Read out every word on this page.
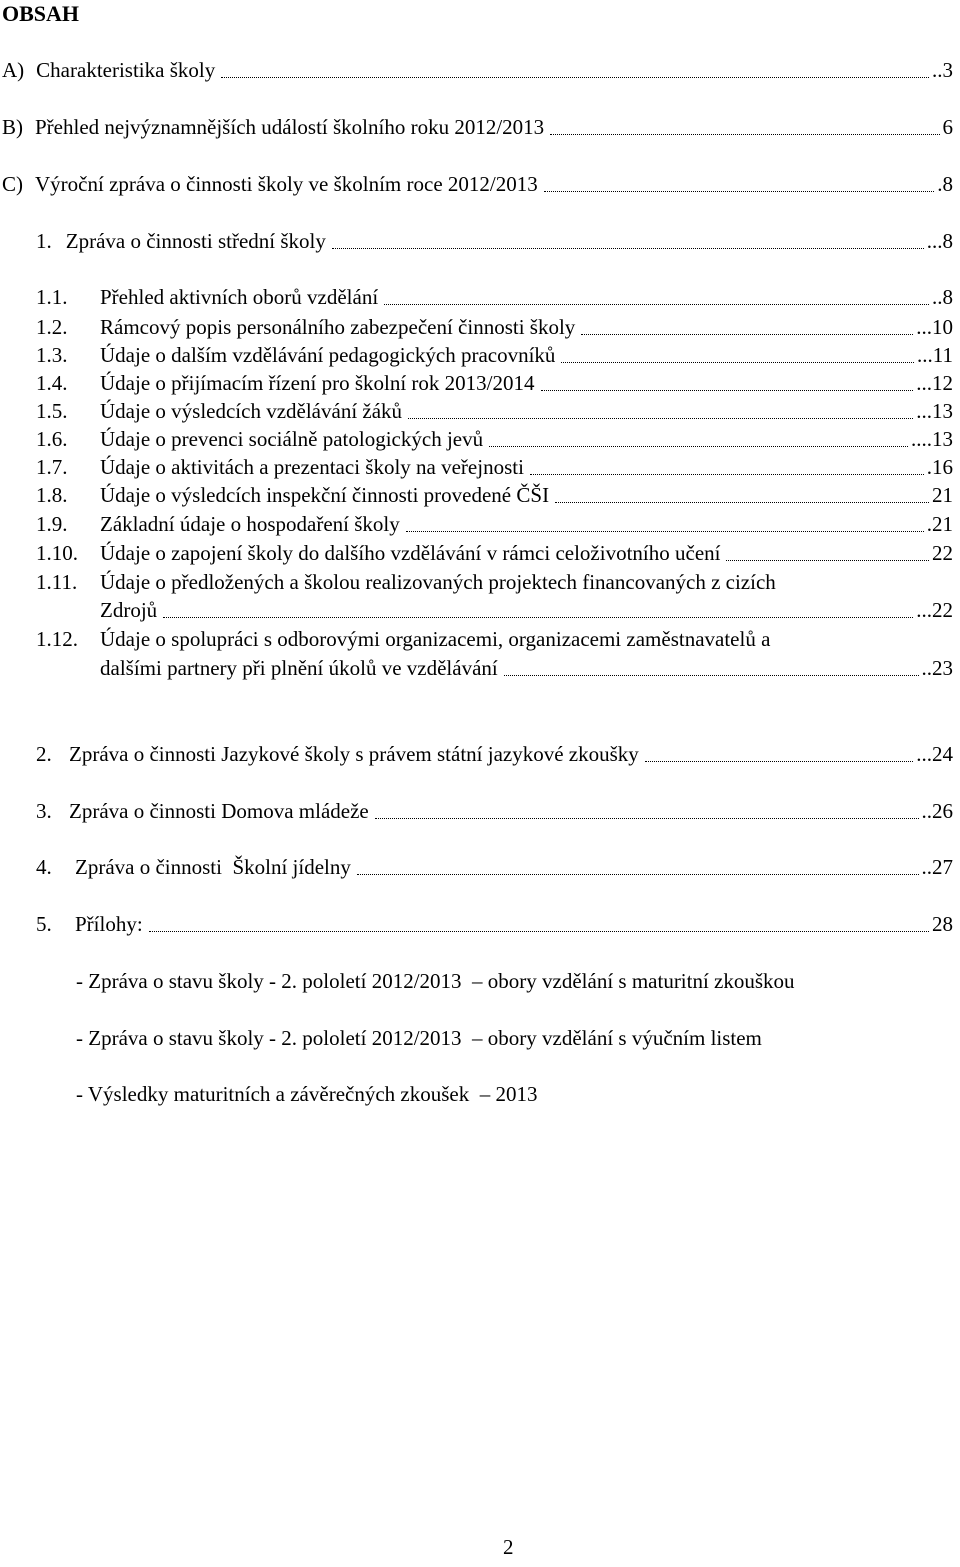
OBSAH
A) Charakteristika školy	..3
B) Přehled nejvýznamnějších událostí školního roku 2012/2013	6
C) Výroční zpráva o činnosti školy ve školním roce 2012/2013	.8
1. Zpráva o činnosti střední školy	...8
1.1.	Přehled aktivních oborů vzdělání	..8
1.2.	Rámcový popis personálního zabezpečení činnosti školy	...10
1.3.	Údaje o dalším vzdělávání pedagogických pracovníků	...11
1.4.	Údaje o přijímacím řízení pro školní rok 2013/2014	...12
1.5.	Údaje o výsledcích vzdělávání žáků	...13
1.6.	Údaje o prevenci sociálně patologických jevů	....13
1.7.	Údaje o aktivitách a prezentaci školy na veřejnosti	.16
1.8.	Údaje o výsledcích inspekční činnosti provedené ČŠI	21
1.9.	Základní údaje o hospodaření školy	.21
1.10.	Údaje o zapojení školy do dalšího vzdělávání v rámci celoživotního učení	22
1.11.	Údaje o předložených a školou realizovaných projektech financovaných z cizích
Zdrojů	...22
1.12.	Údaje o spolupráci s odborovými organizacemi, organizacemi zaměstnavatelů a
dalšími partnery při plnění úkolů ve vzdělávání	..23
2. Zpráva o činnosti Jazykové školy s právem státní jazykové zkoušky	...24
3. Zpráva o činnosti Domova mládeže	..26
4.	Zpráva o činnosti  Školní jídelny	..27
5.	Přílohy:	28
- Zpráva o stavu školy - 2. pololetí 2012/2013  – obory vzdělání s maturitní zkouškou
- Zpráva o stavu školy - 2. pololetí 2012/2013  – obory vzdělání s výučním listem
- Výsledky maturitních a závěrečných zkoušek  – 2013
2
